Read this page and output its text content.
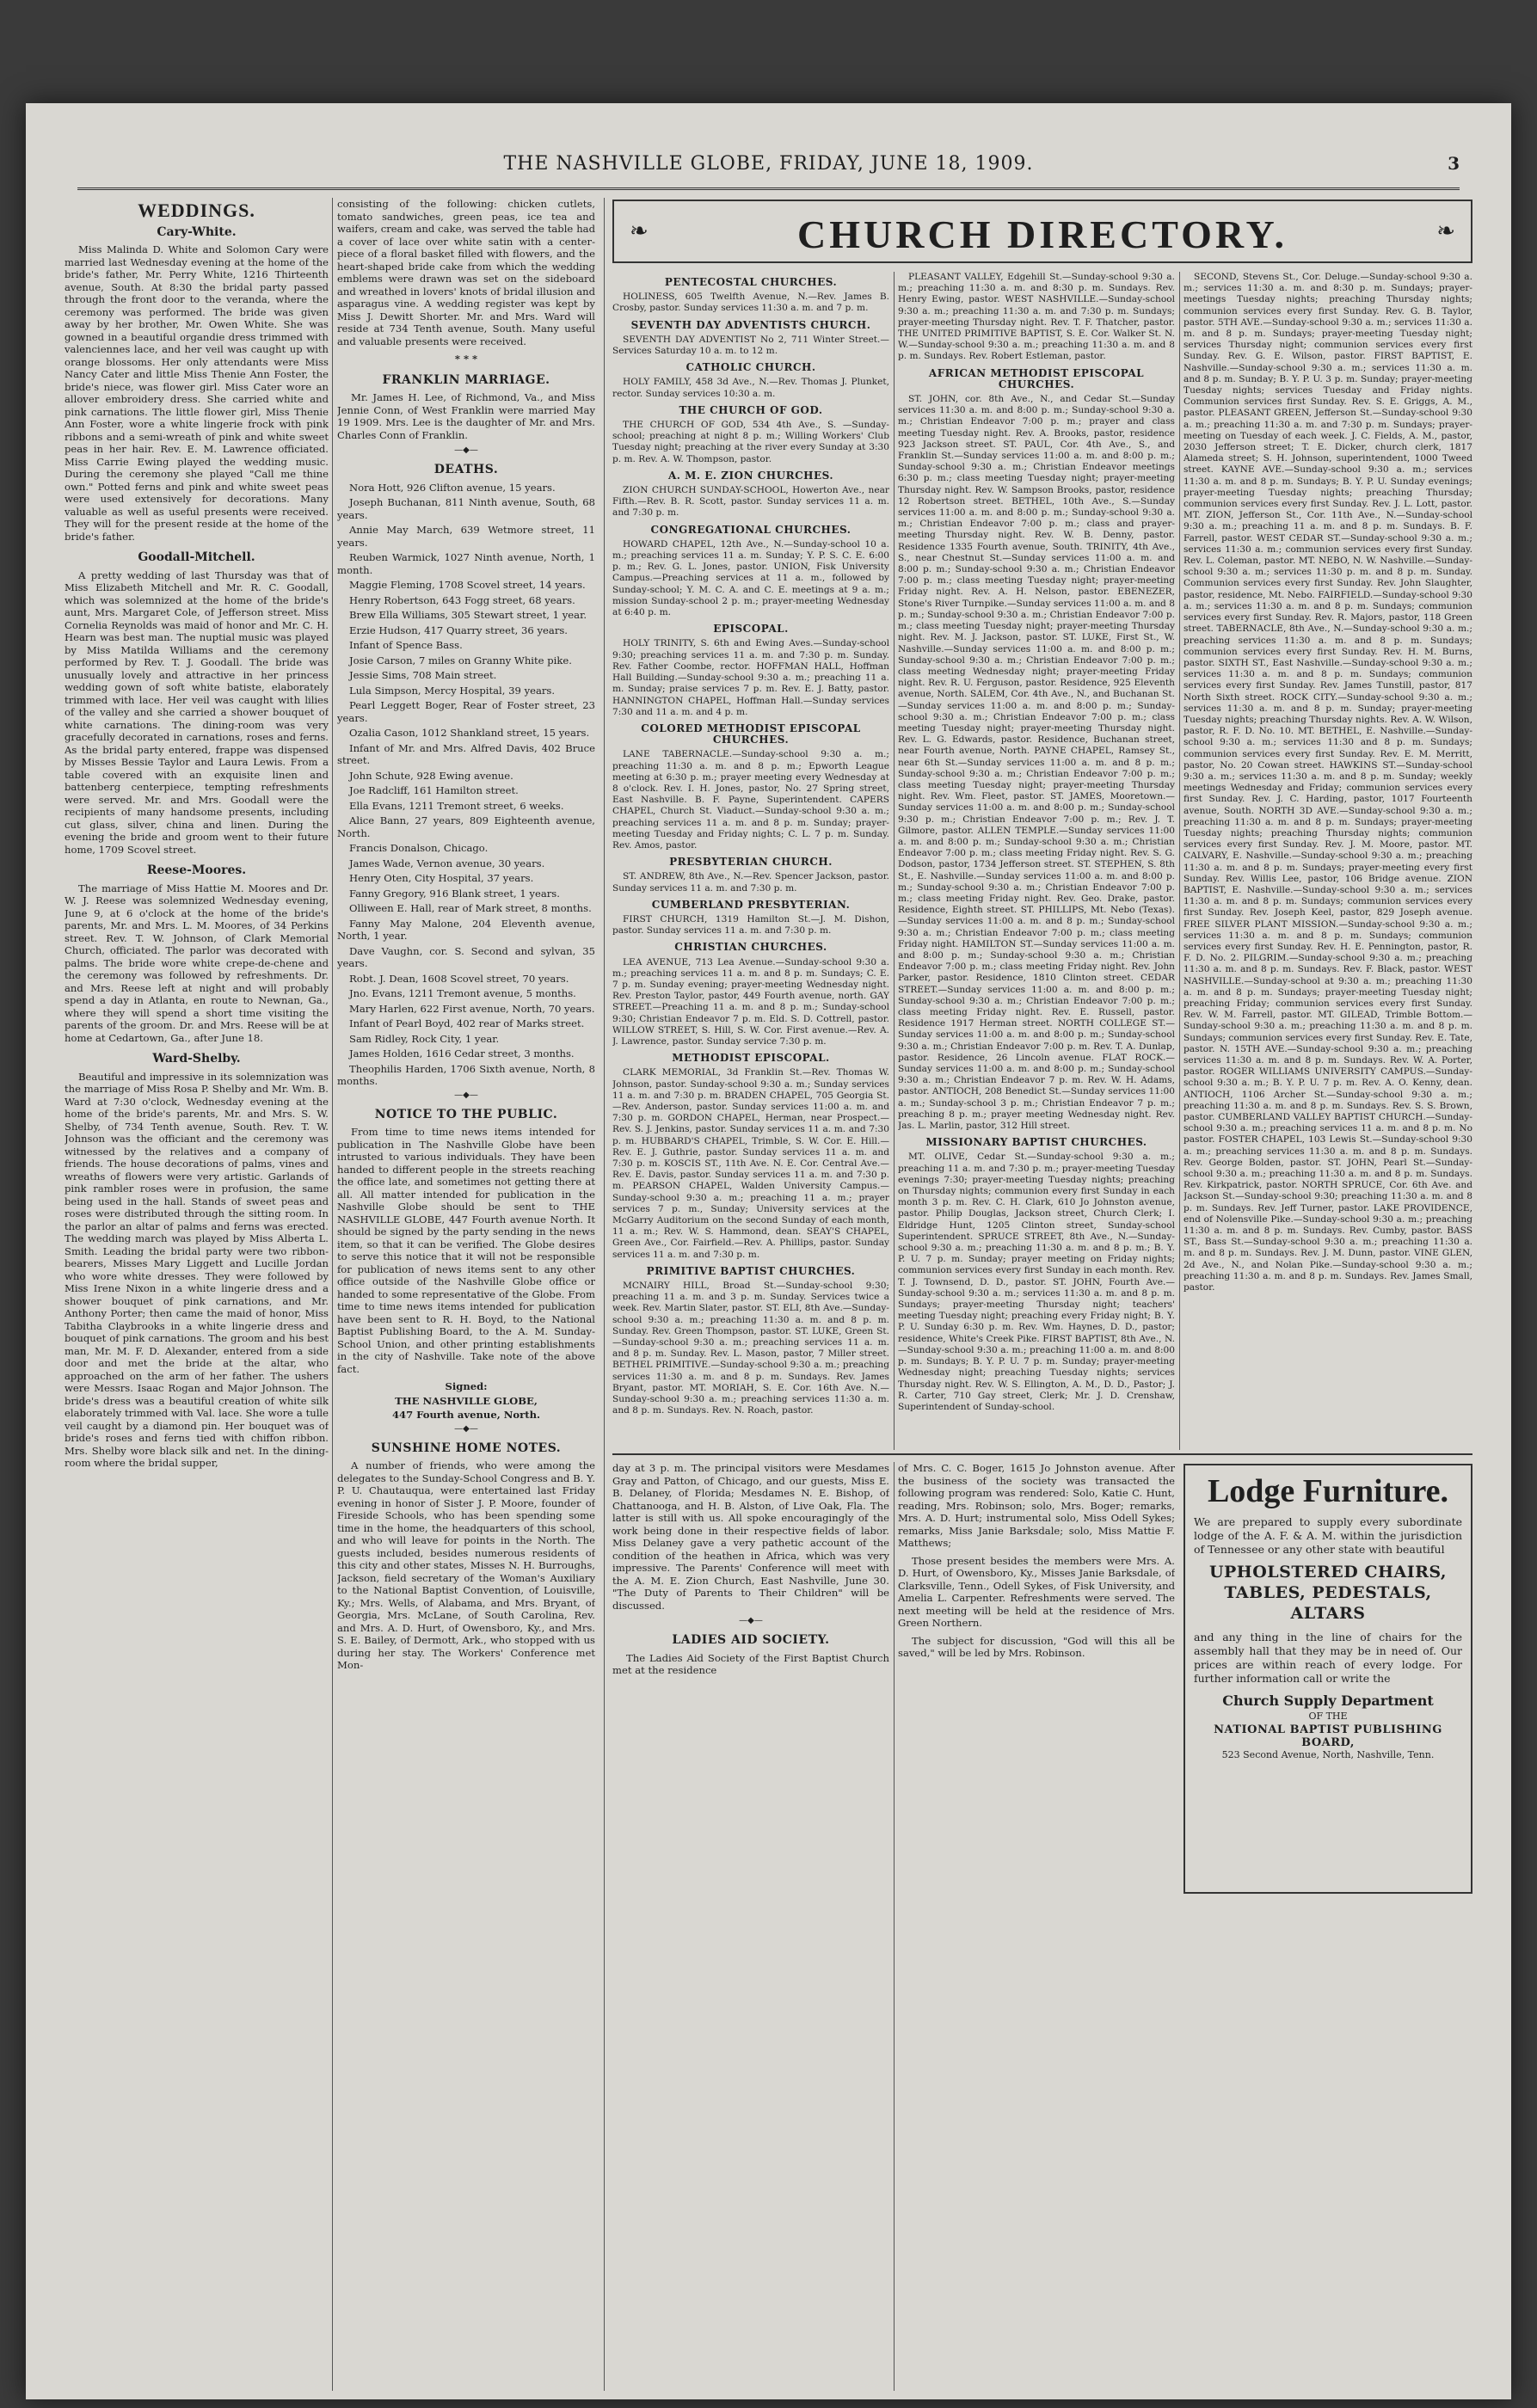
THE NASHVILLE GLOBE, FRIDAY, JUNE 18, 1909.	3
WEDDINGS.
Cary-White.

Miss Malinda D. White and Solomon Cary were married last Wednesday evening at the home of the bride's father, Mr. Perry White, 1216 Thirteenth avenue, South. At 8:30 the bridal party passed through the front door to the veranda, where the ceremony was performed. The bride was given away by her brother, Mr. Owen White. She was gowned in a beautiful organdie dress trimmed with valenciennes lace, and her veil was caught up with orange blossoms. Her only attendants were Miss Nancy Cater and little Miss Thenie Ann Foster, the bride's niece, was flower girl. Miss Cater wore an allover embroidery dress. She carried white and pink carnations. The little flower girl, Miss Thenie Ann Foster, wore a white lingerie frock with pink ribbons and a semi-wreath of pink and white sweet peas in her hair. Rev. E. M. Lawrence officiated. Miss Carrie Ewing played the wedding music. During the ceremony she played "Call me thine own." Potted ferns and pink and white sweet peas were used extensively for decorations. Many valuable as well as useful presents were received. They will for the present reside at the home of the bride's father.

Goodall-Mitchell.

A pretty wedding of last Thursday was that of Miss Elizabeth Mitchell and Mr. R. C. Goodall, which was solemnized at the home of the bride's aunt, Mrs. Margaret Cole, of Jefferson street. Miss Cornelia Reynolds was maid of honor and Mr. C. H. Hearn was best man. The nuptial music was played by Miss Matilda Williams and the ceremony performed by Rev. T. J. Goodall. The bride was unusually lovely and attractive in her princess wedding gown of soft white batiste, elaborately trimmed with lace. Her veil was caught with lilies of the valley and she carried a shower bouquet of white carnations. The dining-room was very gracefully decorated in carnations, roses and ferns. As the bridal party entered, frappe was dispensed by Misses Bessie Taylor and Laura Lewis. From a table covered with an exquisite linen and battenberg centerpiece, tempting refreshments were served. Mr. and Mrs. Goodall were the recipients of many handsome presents, including cut glass, silver, china and linen. During the evening the bride and groom went to their future home, 1709 Scovel street.

Reese-Moores.

The marriage of Miss Hattie M. Moores and Dr. W. J. Reese was solemnized Wednesday evening, June 9, at 6 o'clock at the home of the bride's parents, Mr. and Mrs. L. M. Moores, of 34 Perkins street. Rev. T. W. Johnson, of Clark Memorial Church, officiated. The parlor was decorated with palms. The bride wore white crepe-de-chene and the ceremony was followed by refreshments. Dr. and Mrs. Reese left at night and will probably spend a day in Atlanta, en route to Newnan, Ga., where they will spend a short time visiting the parents of the groom. Dr. and Mrs. Reese will be at home at Cedartown, Ga., after June 18.

Ward-Shelby.

Beautiful and impressive in its solemnization was the marriage of Miss Rosa P. Shelby and Mr. Wm. B. Ward at 7:30 o'clock, Wednesday evening at the home of the bride's parents, Mr. and Mrs. S. W. Shelby, of 734 Tenth avenue, South. Rev. T. W. Johnson was the officiant and the ceremony was witnessed by the relatives and a company of friends. The house decorations of palms, vines and wreaths of flowers were very artistic. Garlands of pink rambler roses were in profusion, the same being used in the hall. Stands of sweet peas and roses were distributed through the sitting room. In the parlor an altar of palms and ferns was erected. The wedding march was played by Miss Alberta L. Smith. Leading the bridal party were two ribbon-bearers, Misses Mary Liggett and Lucille Jordan who wore white dresses. They were followed by Miss Irene Nixon in a white lingerie dress and a shower bouquet of pink carnations, and Mr. Anthony Porter; then came the maid of honor, Miss Tabitha Claybrooks in a white lingerie dress and bouquet of pink carnations. The groom and his best man, Mr. M. F. D. Alexander, entered from a side door and met the bride at the altar, who approached on the arm of her father. The ushers were Messrs. Isaac Rogan and Major Johnson. The bride's dress was a beautiful creation of white silk elaborately trimmed with Val. lace. She wore a tulle veil caught by a diamond pin. Her bouquet was of bride's roses and ferns tied with chiffon ribbon. Mrs. Shelby wore black silk and net. In the dining-room where the bridal supper,

consisting of the following: chicken cutlets, tomato sandwiches, green peas, ice tea and waifers, cream and cake, was served the table had a cover of lace over white satin with a center-piece of a floral basket filled with flowers, and the heart-shaped bride cake from which the wedding emblems were drawn was set on the sideboard and wreathed in lovers' knots of bridal illusion and asparagus vine. A wedding register was kept by Miss J. Dewitt Shorter. Mr. and Mrs. Ward will reside at 734 Tenth avenue, South. Many useful and valuable presents were received.

* * *
FRANKLIN MARRIAGE.

Mr. James H. Lee, of Richmond, Va., and Miss Jennie Conn, of West Franklin were married May 19 1909. Mrs. Lee is the daughter of Mr. and Mrs. Charles Conn of Franklin.

—◆—
DEATHS.

Nora Hott, 926 Clifton avenue, 15 years.

Joseph Buchanan, 811 Ninth avenue, South, 68 years.

Annie May March, 639 Wetmore street, 11 years.

Reuben Warmick, 1027 Ninth avenue, North, 1 month.

Maggie Fleming, 1708 Scovel street, 14 years.

Henry Robertson, 643 Fogg street, 68 years.

Brew Ella Williams, 305 Stewart street, 1 year.

Erzie Hudson, 417 Quarry street, 36 years.

Infant of Spence Bass.

Josie Carson, 7 miles on Granny White pike.

Jessie Sims, 708 Main street.

Lula Simpson, Mercy Hospital, 39 years.

Pearl Leggett Boger, Rear of Foster street, 23 years.

Ozalia Cason, 1012 Shankland street, 15 years.

Infant of Mr. and Mrs. Alfred Davis, 402 Bruce street.

John Schute, 928 Ewing avenue.

Joe Radcliff, 161 Hamilton street.

Ella Evans, 1211 Tremont street, 6 weeks.

Alice Bann, 27 years, 809 Eighteenth avenue, North.

Francis Donalson, Chicago.

James Wade, Vernon avenue, 30 years.

Henry Oten, City Hospital, 37 years.

Fanny Gregory, 916 Blank street, 1 years.

Olliween E. Hall, rear of Mark street, 8 months.

Fanny May Malone, 204 Eleventh avenue, North, 1 year.

Dave Vaughn, cor. S. Second and sylvan, 35 years.

Robt. J. Dean, 1608 Scovel street, 70 years.

Jno. Evans, 1211 Tremont avenue, 5 months.

Mary Harlen, 622 First avenue, North, 70 years.

Infant of Pearl Boyd, 402 rear of Marks street.

Sam Ridley, Rock City, 1 year.

James Holden, 1616 Cedar street, 3 months.

Theophilis Harden, 1706 Sixth avenue, North, 8 months.

—◆—
NOTICE TO THE PUBLIC.

From time to time news items intended for publication in The Nashville Globe have been intrusted to various individuals. They have been handed to different people in the streets reaching the office late, and sometimes not getting there at all. All matter intended for publication in the Nashville Globe should be sent to THE NASHVILLE GLOBE, 447 Fourth avenue North. It should be signed by the party sending in the news item, so that it can be verified. The Globe desires to serve this notice that it will not be responsible for publication of news items sent to any other office outside of the Nashville Globe office or handed to some representative of the Globe. From time to time news items intended for publication have been sent to R. H. Boyd, to the National Baptist Publishing Board, to the A. M. Sunday-School Union, and other printing establishments in the city of Nashville. Take note of the above fact.

Signed:
THE NASHVILLE GLOBE,
447 Fourth avenue, North.
—◆—
SUNSHINE HOME NOTES.

A number of friends, who were among the delegates to the Sunday-School Congress and B. Y. P. U. Chautauqua, were entertained last Friday evening in honor of Sister J. P. Moore, founder of Fireside Schools, who has been spending some time in the home, the headquarters of this school, and who will leave for points in the North. The guests included, besides numerous residents of this city and other states, Misses N. H. Burroughs, Jackson, field secretary of the Woman's Auxiliary to the National Baptist Convention, of Louisville, Ky.; Mrs. Wells, of Alabama, and Mrs. Bryant, of Georgia, Mrs. McLane, of South Carolina, Rev. and Mrs. A. D. Hurt, of Owensboro, Ky., and Mrs. S. E. Bailey, of Dermott, Ark., who stopped with us during her stay. The Workers' Conference met Mon-

❧	CHURCH DIRECTORY.	❧
PENTECOSTAL CHURCHES.

HOLINESS, 605 Twelfth Avenue, N.—Rev. James B. Crosby, pastor. Sunday services 11:30 a. m. and 7 p. m.

SEVENTH DAY ADVENTISTS CHURCH.

SEVENTH DAY ADVENTIST No 2, 711 Winter Street.—Services Saturday 10 a. m. to 12 m.

CATHOLIC CHURCH.

HOLY FAMILY, 458 3d Ave., N.—Rev. Thomas J. Plunket, rector. Sunday services 10:30 a. m.

THE CHURCH OF GOD.

THE CHURCH OF GOD, 534 4th Ave., S. —Sunday-school; preaching at night 8 p. m.; Willing Workers' Club Tuesday night; preaching at the river every Sunday at 3:30 p. m. Rev. A. W. Thompson, pastor.

A. M. E. ZION CHURCHES.

ZION CHURCH SUNDAY-SCHOOL, Howerton Ave., near Fifth.—Rev. B. R. Scott, pastor. Sunday services 11 a. m. and 7:30 p. m.

CONGREGATIONAL CHURCHES.

HOWARD CHAPEL, 12th Ave., N.—Sunday-school 10 a. m.; preaching services 11 a. m. Sunday; Y. P. S. C. E. 6:00 p. m.; Rev. G. L. Jones, pastor. UNION, Fisk University Campus.—Preaching services at 11 a. m., followed by Sunday-school; Y. M. C. A. and C. E. meetings at 9 a. m.; mission Sunday-school 2 p. m.; prayer-meeting Wednesday at 6:40 p. m.

EPISCOPAL.

HOLY TRINITY, S. 6th and Ewing Aves.—Sunday-school 9:30; preaching services 11 a. m. and 7:30 p. m. Sunday. Rev. Father Coombe, rector. HOFFMAN HALL, Hoffman Hall Building.—Sunday-school 9:30 a. m.; preaching 11 a. m. Sunday; praise services 7 p. m. Rev. E. J. Batty, pastor. HANNINGTON CHAPEL, Hoffman Hall.—Sunday services 7:30 and 11 a. m. and 4 p. m.

COLORED METHODIST EPISCOPAL CHURCHES.

LANE TABERNACLE.—Sunday-school 9:30 a. m.; preaching 11:30 a. m. and 8 p. m.; Epworth League meeting at 6:30 p. m.; prayer meeting every Wednesday at 8 o'clock. Rev. I. H. Jones, pastor, No. 27 Spring street, East Nashville. B. F. Payne, Superintendent. CAPERS CHAPEL, Church St. Viaduct.—Sunday-school 9:30 a. m.; preaching services 11 a. m. and 8 p. m. Sunday; prayer-meeting Tuesday and Friday nights; C. L. 7 p. m. Sunday. Rev. Amos, pastor.

PRESBYTERIAN CHURCH.

ST. ANDREW, 8th Ave., N.—Rev. Spencer Jackson, pastor. Sunday services 11 a. m. and 7:30 p. m.

CUMBERLAND PRESBYTERIAN.

FIRST CHURCH, 1319 Hamilton St.—J. M. Dishon, pastor. Sunday services 11 a. m. and 7:30 p. m.

CHRISTIAN CHURCHES.

LEA AVENUE, 713 Lea Avenue.—Sunday-school 9:30 a. m.; preaching services 11 a. m. and 8 p. m. Sundays; C. E. 7 p. m. Sunday evening; prayer-meeting Wednesday night. Rev. Preston Taylor, pastor, 449 Fourth avenue, north. GAY STREET.—Preaching 11 a. m. and 8 p. m.; Sunday-school 9:30; Christian Endeavor 7 p. m. Eld. S. D. Cottrell, pastor. WILLOW STREET, S. Hill, S. W. Cor. First avenue.—Rev. A. J. Lawrence, pastor. Sunday service 7:30 p. m.

METHODIST EPISCOPAL.

CLARK MEMORIAL, 3d Franklin St.—Rev. Thomas W. Johnson, pastor. Sunday-school 9:30 a. m.; Sunday services 11 a. m. and 7:30 p. m. BRADEN CHAPEL, 705 Georgia St.—Rev. Anderson, pastor. Sunday services 11:00 a. m. and 7:30 p. m. GORDON CHAPEL, Herman, near Prospect.—Rev. S. J. Jenkins, pastor. Sunday services 11 a. m. and 7:30 p. m. HUBBARD'S CHAPEL, Trimble, S. W. Cor. E. Hill.—Rev. E. J. Guthrie, pastor. Sunday services 11 a. m. and 7:30 p. m. KOSCIS ST., 11th Ave. N. E. Cor. Central Ave.—Rev. E. Davis, pastor. Sunday services 11 a. m. and 7:30 p. m. PEARSON CHAPEL, Walden University Campus.—Sunday-school 9:30 a. m.; preaching 11 a. m.; prayer services 7 p. m., Sunday; University services at the McGarry Auditorium on the second Sunday of each month, 11 a. m.; Rev. W. S. Hammond, dean. SEAY'S CHAPEL, Green Ave., Cor. Fairfield.—Rev. A. Phillips, pastor. Sunday services 11 a. m. and 7:30 p. m.

PRIMITIVE BAPTIST CHURCHES.

MCNAIRY HILL, Broad St.—Sunday-school 9:30; preaching 11 a. m. and 3 p. m. Sunday. Services twice a week. Rev. Martin Slater, pastor. ST. ELI, 8th Ave.—Sunday-school 9:30 a. m.; preaching 11:30 a. m. and 8 p. m. Sunday. Rev. Green Thompson, pastor. ST. LUKE, Green St.—Sunday-school 9:30 a. m.; preaching services 11 a. m. and 8 p. m. Sunday. Rev. L. Mason, pastor, 7 Miller street. BETHEL PRIMITIVE.—Sunday-school 9:30 a. m.; preaching services 11:30 a. m. and 8 p. m. Sundays. Rev. James Bryant, pastor. MT. MORIAH, S. E. Cor. 16th Ave. N.—Sunday-school 9:30 a. m.; preaching services 11:30 a. m. and 8 p. m. Sundays. Rev. N. Roach, pastor.

PLEASANT VALLEY, Edgehill St.—Sunday-school 9:30 a. m.; preaching 11:30 a. m. and 8:30 p. m. Sundays. Rev. Henry Ewing, pastor. WEST NASHVILLE.—Sunday-school 9:30 a. m.; preaching 11:30 a. m. and 7:30 p. m. Sundays; prayer-meeting Thursday night. Rev. T. F. Thatcher, pastor. THE UNITED PRIMITIVE BAPTIST, S. E. Cor. Walker St. N. W.—Sunday-school 9:30 a. m.; preaching 11:30 a. m. and 8 p. m. Sundays. Rev. Robert Estleman, pastor.

AFRICAN METHODIST EPISCOPAL CHURCHES.

ST. JOHN, cor. 8th Ave., N., and Cedar St.—Sunday services 11:30 a. m. and 8:00 p. m.; Sunday-school 9:30 a. m.; Christian Endeavor 7:00 p. m.; prayer and class meeting Tuesday night. Rev. A. Brooks, pastor, residence 923 Jackson street. ST. PAUL, Cor. 4th Ave., S., and Franklin St.—Sunday services 11:00 a. m. and 8:00 p. m.; Sunday-school 9:30 a. m.; Christian Endeavor meetings 6:30 p. m.; class meeting Tuesday night; prayer-meeting Thursday night. Rev. W. Sampson Brooks, pastor, residence 12 Robertson street. BETHEL, 10th Ave., S.—Sunday services 11:00 a. m. and 8:00 p. m.; Sunday-school 9:30 a. m.; Christian Endeavor 7:00 p. m.; class and prayer-meeting Thursday night. Rev. W. B. Denny, pastor. Residence 1335 Fourth avenue, South. TRINITY, 4th Ave., S., near Chestnut St.—Sunday services 11:00 a. m. and 8:00 p. m.; Sunday-school 9:30 a. m.; Christian Endeavor 7:00 p. m.; class meeting Tuesday night; prayer-meeting Friday night. Rev. A. H. Nelson, pastor. EBENEZER, Stone's River Turnpike.—Sunday services 11:00 a. m. and 8 p. m.; Sunday-school 9:30 a. m.; Christian Endeavor 7:00 p. m.; class meeting Tuesday night; prayer-meeting Thursday night. Rev. M. J. Jackson, pastor. ST. LUKE, First St., W. Nashville.—Sunday services 11:00 a. m. and 8:00 p. m.; Sunday-school 9:30 a. m.; Christian Endeavor 7:00 p. m.; class meeting Wednesday night; prayer-meeting Friday night. Rev. R. U. Ferguson, pastor. Residence, 925 Eleventh avenue, North. SALEM, Cor. 4th Ave., N., and Buchanan St.—Sunday services 11:00 a. m. and 8:00 p. m.; Sunday-school 9:30 a. m.; Christian Endeavor 7:00 p. m.; class meeting Tuesday night; prayer-meeting Thursday night. Rev. L. G. Edwards, pastor. Residence, Buchanan street, near Fourth avenue, North. PAYNE CHAPEL, Ramsey St., near 6th St.—Sunday services 11:00 a. m. and 8 p. m.; Sunday-school 9:30 a. m.; Christian Endeavor 7:00 p. m.; class meeting Tuesday night; prayer-meeting Thursday night. Rev. Wm. Fleet, pastor. ST. JAMES, Mooretown.—Sunday services 11:00 a. m. and 8:00 p. m.; Sunday-school 9:30 p. m.; Christian Endeavor 7:00 p. m.; Rev. J. T. Gilmore, pastor. ALLEN TEMPLE.—Sunday services 11:00 a. m. and 8:00 p. m.; Sunday-school 9:30 a. m.; Christian Endeavor 7:00 p. m.; class meeting Friday night. Rev. S. G. Dodson, pastor, 1734 Jefferson street. ST. STEPHEN, S. 8th St., E. Nashville.—Sunday services 11:00 a. m. and 8:00 p. m.; Sunday-school 9:30 a. m.; Christian Endeavor 7:00 p. m.; class meeting Friday night. Rev. Geo. Drake, pastor. Residence, Eighth street. ST. PHILLIPS, Mt. Nebo (Texas).—Sunday services 11:00 a. m. and 8 p. m.; Sunday-school 9:30 a. m.; Christian Endeavor 7:00 p. m.; class meeting Friday night. HAMILTON ST.—Sunday services 11:00 a. m. and 8:00 p. m.; Sunday-school 9:30 a. m.; Christian Endeavor 7:00 p. m.; class meeting Friday night. Rev. John Parker, pastor. Residence, 1810 Clinton street. CEDAR STREET.—Sunday services 11:00 a. m. and 8:00 p. m.; Sunday-school 9:30 a. m.; Christian Endeavor 7:00 p. m.; class meeting Friday night. Rev. E. Russell, pastor. Residence 1917 Herman street. NORTH COLLEGE ST.—Sunday services 11:00 a. m. and 8:00 p. m.; Sunday-school 9:30 a. m.; Christian Endeavor 7:00 p. m. Rev. T. A. Dunlap, pastor. Residence, 26 Lincoln avenue. FLAT ROCK.—Sunday services 11:00 a. m. and 8:00 p. m.; Sunday-school 9:30 a. m.; Christian Endeavor 7 p. m. Rev. W. H. Adams, pastor. ANTIOCH, 208 Benedict St.—Sunday services 11:00 a. m.; Sunday-school 3 p. m.; Christian Endeavor 7 p. m.; preaching 8 p. m.; prayer meeting Wednesday night. Rev. Jas. L. Marlin, pastor, 312 Hill street.

MISSIONARY BAPTIST CHURCHES.

MT. OLIVE, Cedar St.—Sunday-school 9:30 a. m.; preaching 11 a. m. and 7:30 p. m.; prayer-meeting Tuesday evenings 7:30; prayer-meeting Tuesday nights; preaching on Thursday nights; communion every first Sunday in each month 3 p. m. Rev. C. H. Clark, 610 Jo Johnston avenue, pastor. Philip Douglas, Jackson street, Church Clerk; I. Eldridge Hunt, 1205 Clinton street, Sunday-school Superintendent. SPRUCE STREET, 8th Ave., N.—Sunday-school 9:30 a. m.; preaching 11:30 a. m. and 8 p. m.; B. Y. P. U. 7 p. m. Sunday; prayer meeting on Friday nights; communion services every first Sunday in each month. Rev. T. J. Townsend, D. D., pastor. ST. JOHN, Fourth Ave.—Sunday-school 9:30 a. m.; services 11:30 a. m. and 8 p. m. Sundays; prayer-meeting Thursday night; teachers' meeting Tuesday night; preaching every Friday night; B. Y. P. U. Sunday 6:30 p. m. Rev. Wm. Haynes, D. D., pastor; residence, White's Creek Pike. FIRST BAPTIST, 8th Ave., N.—Sunday-school 9:30 a. m.; preaching 11:00 a. m. and 8:00 p. m. Sundays; B. Y. P. U. 7 p. m. Sunday; prayer-meeting Wednesday night; preaching Tuesday nights; services Thursday night. Rev. W. S. Ellington, A. M., D. D., Pastor; J. R. Carter, 710 Gay street, Clerk; Mr. J. D. Crenshaw, Superintendent of Sunday-school.

SECOND, Stevens St., Cor. Deluge.—Sunday-school 9:30 a. m.; services 11:30 a. m. and 8:30 p. m. Sundays; prayer-meetings Tuesday nights; preaching Thursday nights; communion services every first Sunday. Rev. G. B. Taylor, pastor. 5TH AVE.—Sunday-school 9:30 a. m.; services 11:30 a. m. and 8 p. m. Sundays; prayer-meeting Tuesday night; services Thursday night; communion services every first Sunday. Rev. G. E. Wilson, pastor. FIRST BAPTIST, E. Nashville.—Sunday-school 9:30 a. m.; services 11:30 a. m. and 8 p. m. Sunday; B. Y. P. U. 3 p. m. Sunday; prayer-meeting Tuesday nights; services Tuesday and Friday nights. Communion services first Sunday. Rev. S. E. Griggs, A. M., pastor. PLEASANT GREEN, Jefferson St.—Sunday-school 9:30 a. m.; preaching 11:30 a. m. and 7:30 p. m. Sundays; prayer-meeting on Tuesday of each week. J. C. Fields, A. M., pastor, 2030 Jefferson street; T. E. Dicker, church clerk, 1817 Alameda street; S. H. Johnson, superintendent, 1000 Tweed street. KAYNE AVE.—Sunday-school 9:30 a. m.; services 11:30 a. m. and 8 p. m. Sundays; B. Y. P. U. Sunday evenings; prayer-meeting Tuesday nights; preaching Thursday; communion services every first Sunday. Rev. J. L. Lott, pastor. MT. ZION, Jefferson St., Cor. 11th Ave., N.—Sunday-school 9:30 a. m.; preaching 11 a. m. and 8 p. m. Sundays. B. F. Farrell, pastor. WEST CEDAR ST.—Sunday-school 9:30 a. m.; services 11:30 a. m.; communion services every first Sunday. Rev. L. Coleman, pastor. MT. NEBO, N. W. Nashville.—Sunday-school 9:30 a. m.; services 11:30 p. m. and 8 p. m. Sunday. Communion services every first Sunday. Rev. John Slaughter, pastor, residence, Mt. Nebo. FAIRFIELD.—Sunday-school 9:30 a. m.; services 11:30 a. m. and 8 p. m. Sundays; communion services every first Sunday. Rev. R. Majors, pastor, 118 Green street. TABERNACLE, 8th Ave., N.—Sunday-school 9:30 a. m.; preaching services 11:30 a. m. and 8 p. m. Sundays; communion services every first Sunday. Rev. H. M. Burns, pastor. SIXTH ST., East Nashville.—Sunday-school 9:30 a. m.; services 11:30 a. m. and 8 p. m. Sundays; communion services every first Sunday. Rev. James Tunstill, pastor, 817 North Sixth street. ROCK CITY.—Sunday-school 9:30 a. m.; services 11:30 a. m. and 8 p. m. Sunday; prayer-meeting Tuesday nights; preaching Thursday nights. Rev. A. W. Wilson, pastor, R. F. D. No. 10. MT. BETHEL, E. Nashville.—Sunday-school 9:30 a. m.; services 11:30 and 8 p. m. Sundays; communion services every first Sunday. Rev. E. M. Merritt, pastor, No. 20 Cowan street. HAWKINS ST.—Sunday-school 9:30 a. m.; services 11:30 a. m. and 8 p. m. Sunday; weekly meetings Wednesday and Friday; communion services every first Sunday. Rev. J. C. Harding, pastor, 1017 Fourteenth avenue, South. NORTH 3D AVE.—Sunday-school 9:30 a. m.; preaching 11:30 a. m. and 8 p. m. Sundays; prayer-meeting Tuesday nights; preaching Thursday nights; communion services every first Sunday. Rev. J. M. Moore, pastor. MT. CALVARY, E. Nashville.—Sunday-school 9:30 a. m.; preaching 11:30 a. m. and 8 p. m. Sundays; prayer-meeting every first Sunday. Rev. Willis Lee, pastor, 106 Bridge avenue. ZION BAPTIST, E. Nashville.—Sunday-school 9:30 a. m.; services 11:30 a. m. and 8 p. m. Sundays; communion services every first Sunday. Rev. Joseph Keel, pastor, 829 Joseph avenue. FREE SILVER PLANT MISSION.—Sunday-school 9:30 a. m.; services 11:30 a. m. and 8 p. m. Sundays; communion services every first Sunday. Rev. H. E. Pennington, pastor, R. F. D. No. 2. PILGRIM.—Sunday-school 9:30 a. m.; preaching 11:30 a. m. and 8 p. m. Sundays. Rev. F. Black, pastor. WEST NASHVILLE.—Sunday-school at 9:30 a. m.; preaching 11:30 a. m. and 8 p. m. Sundays; prayer-meeting Tuesday night; preaching Friday; communion services every first Sunday. Rev. W. M. Farrell, pastor. MT. GILEAD, Trimble Bottom.—Sunday-school 9:30 a. m.; preaching 11:30 a. m. and 8 p. m. Sundays; communion services every first Sunday. Rev. E. Tate, pastor. N. 15TH AVE.—Sunday-school 9:30 a. m.; preaching services 11:30 a. m. and 8 p. m. Sundays. Rev. W. A. Porter, pastor. ROGER WILLIAMS UNIVERSITY CAMPUS.—Sunday-school 9:30 a. m.; B. Y. P. U. 7 p. m. Rev. A. O. Kenny, dean. ANTIOCH, 1106 Archer St.—Sunday-school 9:30 a. m.; preaching 11:30 a. m. and 8 p. m. Sundays. Rev. S. S. Brown, pastor. CUMBERLAND VALLEY BAPTIST CHURCH.—Sunday-school 9:30 a. m.; preaching services 11 a. m. and 8 p. m. No pastor. FOSTER CHAPEL, 103 Lewis St.—Sunday-school 9:30 a. m.; preaching services 11:30 a. m. and 8 p. m. Sundays. Rev. George Bolden, pastor. ST. JOHN, Pearl St.—Sunday-school 9:30 a. m.; preaching 11:30 a. m. and 8 p. m. Sundays. Rev. Kirkpatrick, pastor. NORTH SPRUCE, Cor. 6th Ave. and Jackson St.—Sunday-school 9:30; preaching 11:30 a. m. and 8 p. m. Sundays. Rev. Jeff Turner, pastor. LAKE PROVIDENCE, end of Nolensville Pike.—Sunday-school 9:30 a. m.; preaching 11:30 a. m. and 8 p. m. Sundays. Rev. Cumby, pastor. BASS ST., Bass St.—Sunday-school 9:30 a. m.; preaching 11:30 a. m. and 8 p. m. Sundays. Rev. J. M. Dunn, pastor. VINE GLEN, 2d Ave., N., and Nolan Pike.—Sunday-school 9:30 a. m.; preaching 11:30 a. m. and 8 p. m. Sundays. Rev. James Small, pastor.

day at 3 p. m. The principal visitors were Mesdames Gray and Patton, of Chicago, and our guests, Miss E. B. Delaney, of Florida; Mesdames N. E. Bishop, of Chattanooga, and H. B. Alston, of Live Oak, Fla. The latter is still with us. All spoke encouragingly of the work being done in their respective fields of labor. Miss Delaney gave a very pathetic account of the condition of the heathen in Africa, which was very impressive. The Parents' Conference will meet with the A. M. E. Zion Church, East Nashville, June 30. "The Duty of Parents to Their Children" will be discussed.

—◆—
LADIES AID SOCIETY.

The Ladies Aid Society of the First Baptist Church met at the residence

of Mrs. C. C. Boger, 1615 Jo Johnston avenue. After the business of the society was transacted the following program was rendered: Solo, Katie C. Hunt, reading, Mrs. Robinson; solo, Mrs. Boger; remarks, Mrs. A. D. Hurt; instrumental solo, Miss Odell Sykes; remarks, Miss Janie Barksdale; solo, Miss Mattie F. Matthews;

Those present besides the members were Mrs. A. D. Hurt, of Owensboro, Ky., Misses Janie Barksdale, of Clarksville, Tenn., Odell Sykes, of Fisk University, and Amelia L. Carpenter. Refreshments were served. The next meeting will be held at the residence of Mrs. Green Northern.

The subject for discussion, "God will this all be saved," will be led by Mrs. Robinson.

Lodge Furniture.

We are prepared to supply every subordinate lodge of the A. F. & A. M. within the jurisdiction of Tennessee or any other state with beautiful

UPHOLSTERED CHAIRS, TABLES, PEDESTALS, ALTARS

and any thing in the line of chairs for the assembly hall that they may be in need of. Our prices are within reach of every lodge. For further information call or write the

Church Supply Department
OF THE
NATIONAL BAPTIST PUBLISHING BOARD,
523 Second Avenue, North, Nashville, Tenn.
